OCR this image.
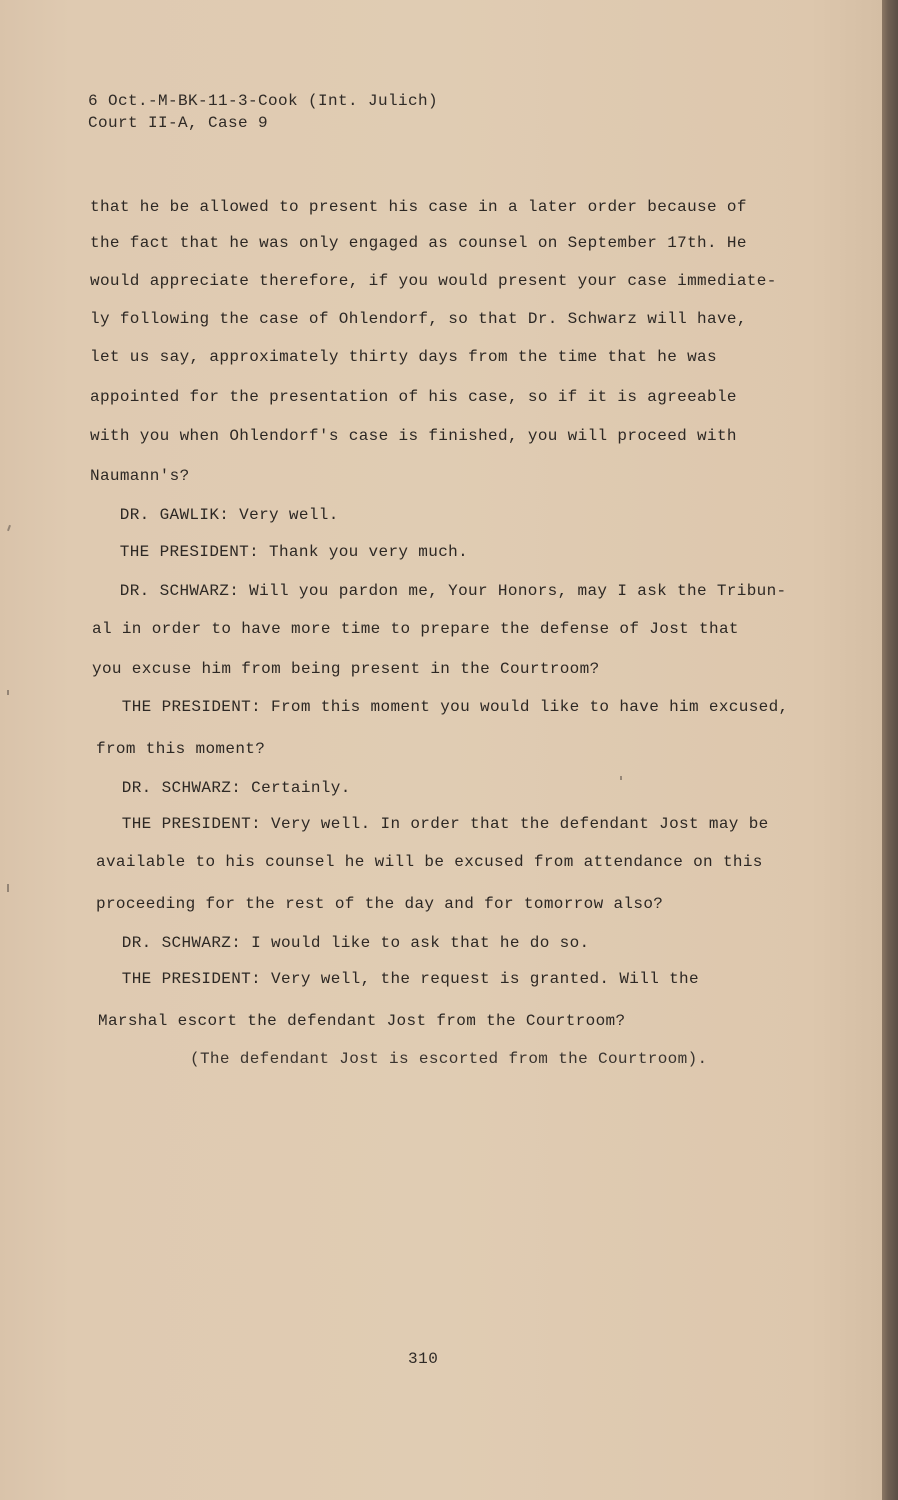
6 Oct.-M-BK-11-3-Cook (Int. Julich)
Court II-A, Case 9
that he be allowed to present his case in a later order because of
the fact that he was only engaged as counsel on September 17th. He
would appreciate therefore, if you would present your case immediate-
ly following the case of Ohlendorf, so that Dr. Schwarz will have,
let us say, approximately thirty days from the time that he was
appointed for the presentation of his case, so if it is agreeable
with you when Ohlendorf's case is finished, you will proceed with
Naumann's?
DR. GAWLIK: Very well.
THE PRESIDENT: Thank you very much.
DR. SCHWARZ: Will you pardon me, Your Honors, may I ask the Tribun-
al in order to have more time to prepare the defense of Jost that
you excuse him from being present in the Courtroom?
THE PRESIDENT: From this moment you would like to have him excused,
from this moment?
DR. SCHWARZ: Certainly.
THE PRESIDENT: Very well. In order that the defendant Jost may be
available to his counsel he will be excused from attendance on this
proceeding for the rest of the day and for tomorrow also?
DR. SCHWARZ: I would like to ask that he do so.
THE PRESIDENT: Very well, the request is granted. Will the
Marshal escort the defendant Jost from the Courtroom?
(The defendant Jost is escorted from the Courtroom).
310
